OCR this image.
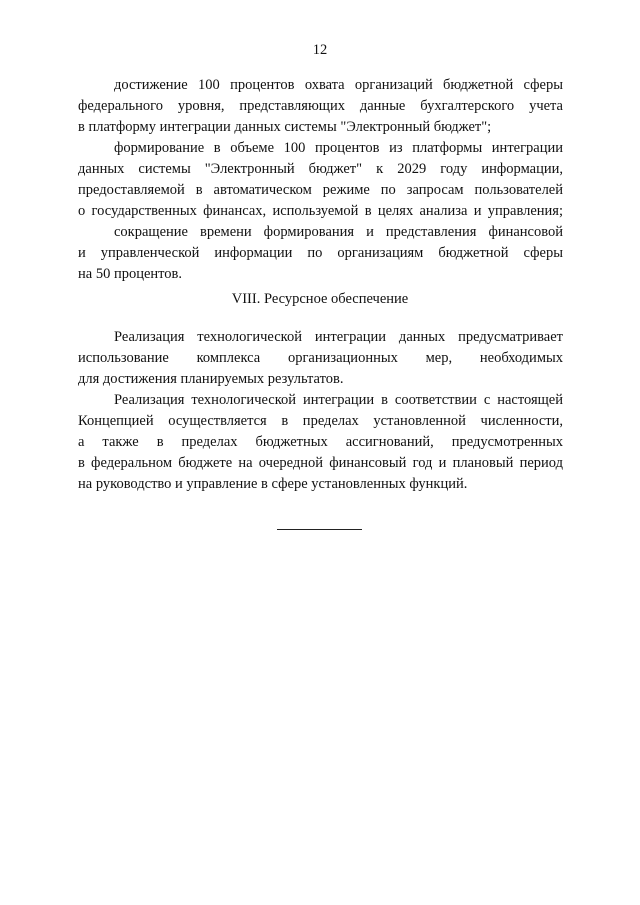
12
достижение 100 процентов охвата организаций бюджетной сферы
федерального уровня, представляющих данные бухгалтерского учета
в платформу интеграции данных системы "Электронный бюджет";
формирование в объеме 100 процентов из платформы интеграции
данных системы "Электронный бюджет" к 2029 году информации,
предоставляемой в автоматическом режиме по запросам пользователей
о государственных финансах, используемой в целях анализа и управления;
сокращение времени формирования и представления финансовой
и управленческой информации по организациям бюджетной сферы
на 50 процентов.
VIII. Ресурсное обеспечение
Реализация технологической интеграции данных предусматривает
использование комплекса организационных мер, необходимых
для достижения планируемых результатов.
Реализация технологической интеграции в соответствии с настоящей
Концепцией осуществляется в пределах установленной численности,
а также в пределах бюджетных ассигнований, предусмотренных
в федеральном бюджете на очередной финансовый год и плановый период
на руководство и управление в сфере установленных функций.
